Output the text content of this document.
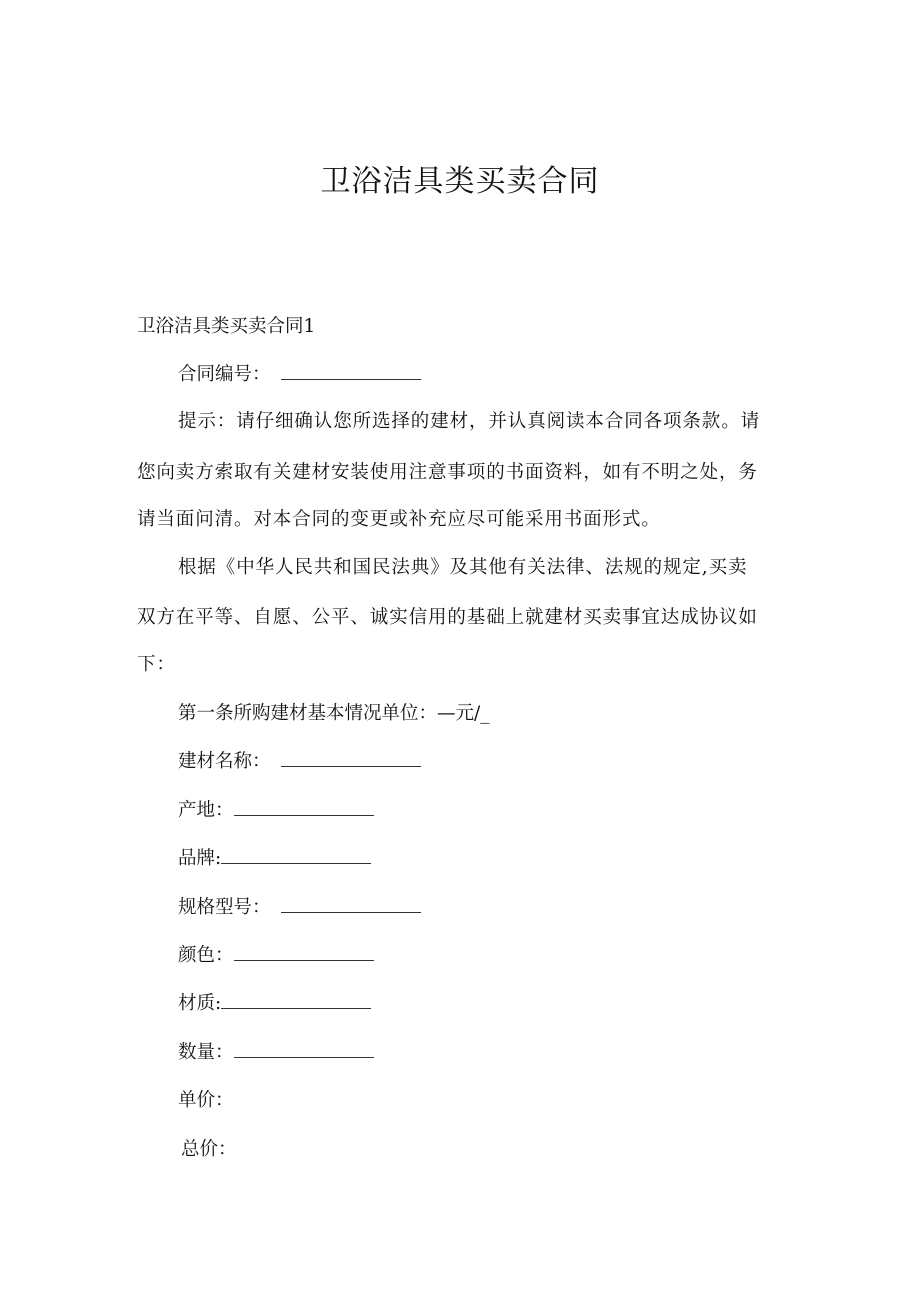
卫浴洁具类买卖合同
卫浴洁具类买卖合同1
合同编号：
提示：请仔细确认您所选择的建材，并认真阅读本合同各项条款。请
您向卖方索取有关建材安装使用注意事项的书面资料，如有不明之处，务
请当面问清。对本合同的变更或补充应尽可能采用书面形式。
根据《中华人民共和国民法典》及其他有关法律、法规的规定,买卖
双方在平等、自愿、公平、诚实信用的基础上就建材买卖事宜达成协议如
下：
第一条所购建材基本情况单位：—元/_
建材名称：
产地：
品牌:
规格型号：
颜色：
材质:
数量：
单价：
总价：
